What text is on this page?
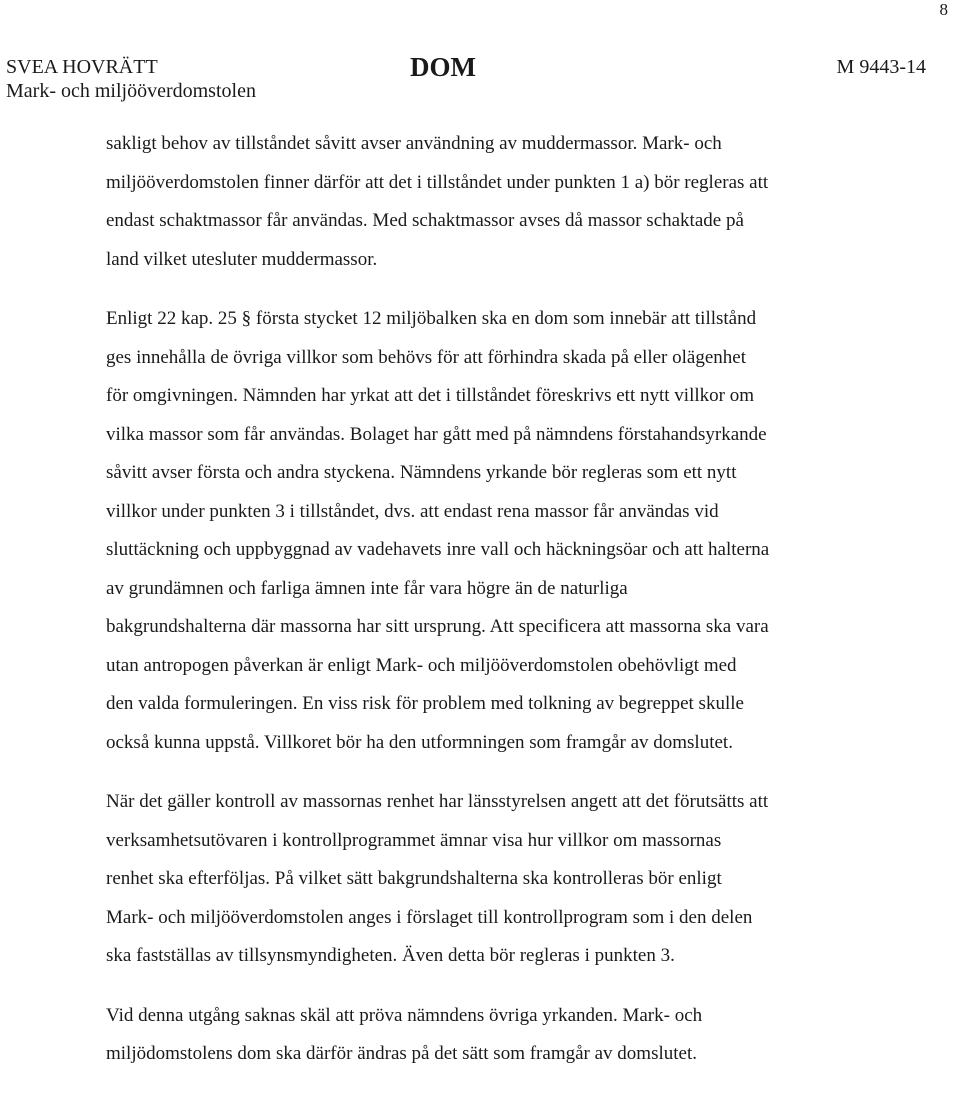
8
SVEA HOVRÄTT
Mark- och miljööverdomstolen
DOM	M 9443-14

sakligt behov av tillståndet såvitt avser användning av muddermassor. Mark- och
miljööverdomstolen finner därför att det i tillståndet under punkten 1 a) bör regleras att
endast schaktmassor får användas. Med schaktmassor avses då massor schaktade på
land vilket utesluter muddermassor.

Enligt 22 kap. 25 § första stycket 12 miljöbalken ska en dom som innebär att tillstånd
ges innehålla de övriga villkor som behövs för att förhindra skada på eller olägenhet
för omgivningen. Nämnden har yrkat att det i tillståndet föreskrivs ett nytt villkor om
vilka massor som får användas. Bolaget har gått med på nämndens förstahandsyrkande
såvitt avser första och andra styckena. Nämndens yrkande bör regleras som ett nytt
villkor under punkten 3 i tillståndet, dvs. att endast rena massor får användas vid
sluttäckning och uppbyggnad av vadehavets inre vall och häckningsöar och att halterna
av grundämnen och farliga ämnen inte får vara högre än de naturliga
bakgrundshalterna där massorna har sitt ursprung. Att specificera att massorna ska vara
utan antropogen påverkan är enligt Mark- och miljööverdomstolen obehövligt med
den valda formuleringen. En viss risk för problem med tolkning av begreppet skulle
också kunna uppstå. Villkoret bör ha den utformningen som framgår av domslutet.

När det gäller kontroll av massornas renhet har länsstyrelsen angett att det förutsätts att
verksamhetsutövaren i kontrollprogrammet ämnar visa hur villkor om massornas
renhet ska efterföljas. På vilket sätt bakgrundshalterna ska kontrolleras bör enligt
Mark- och miljööverdomstolen anges i förslaget till kontrollprogram som i den delen
ska fastställas av tillsynsmyndigheten. Även detta bör regleras i punkten 3.

Vid denna utgång saknas skäl att pröva nämndens övriga yrkanden. Mark- och
miljödomstolens dom ska därför ändras på det sätt som framgår av domslutet.
